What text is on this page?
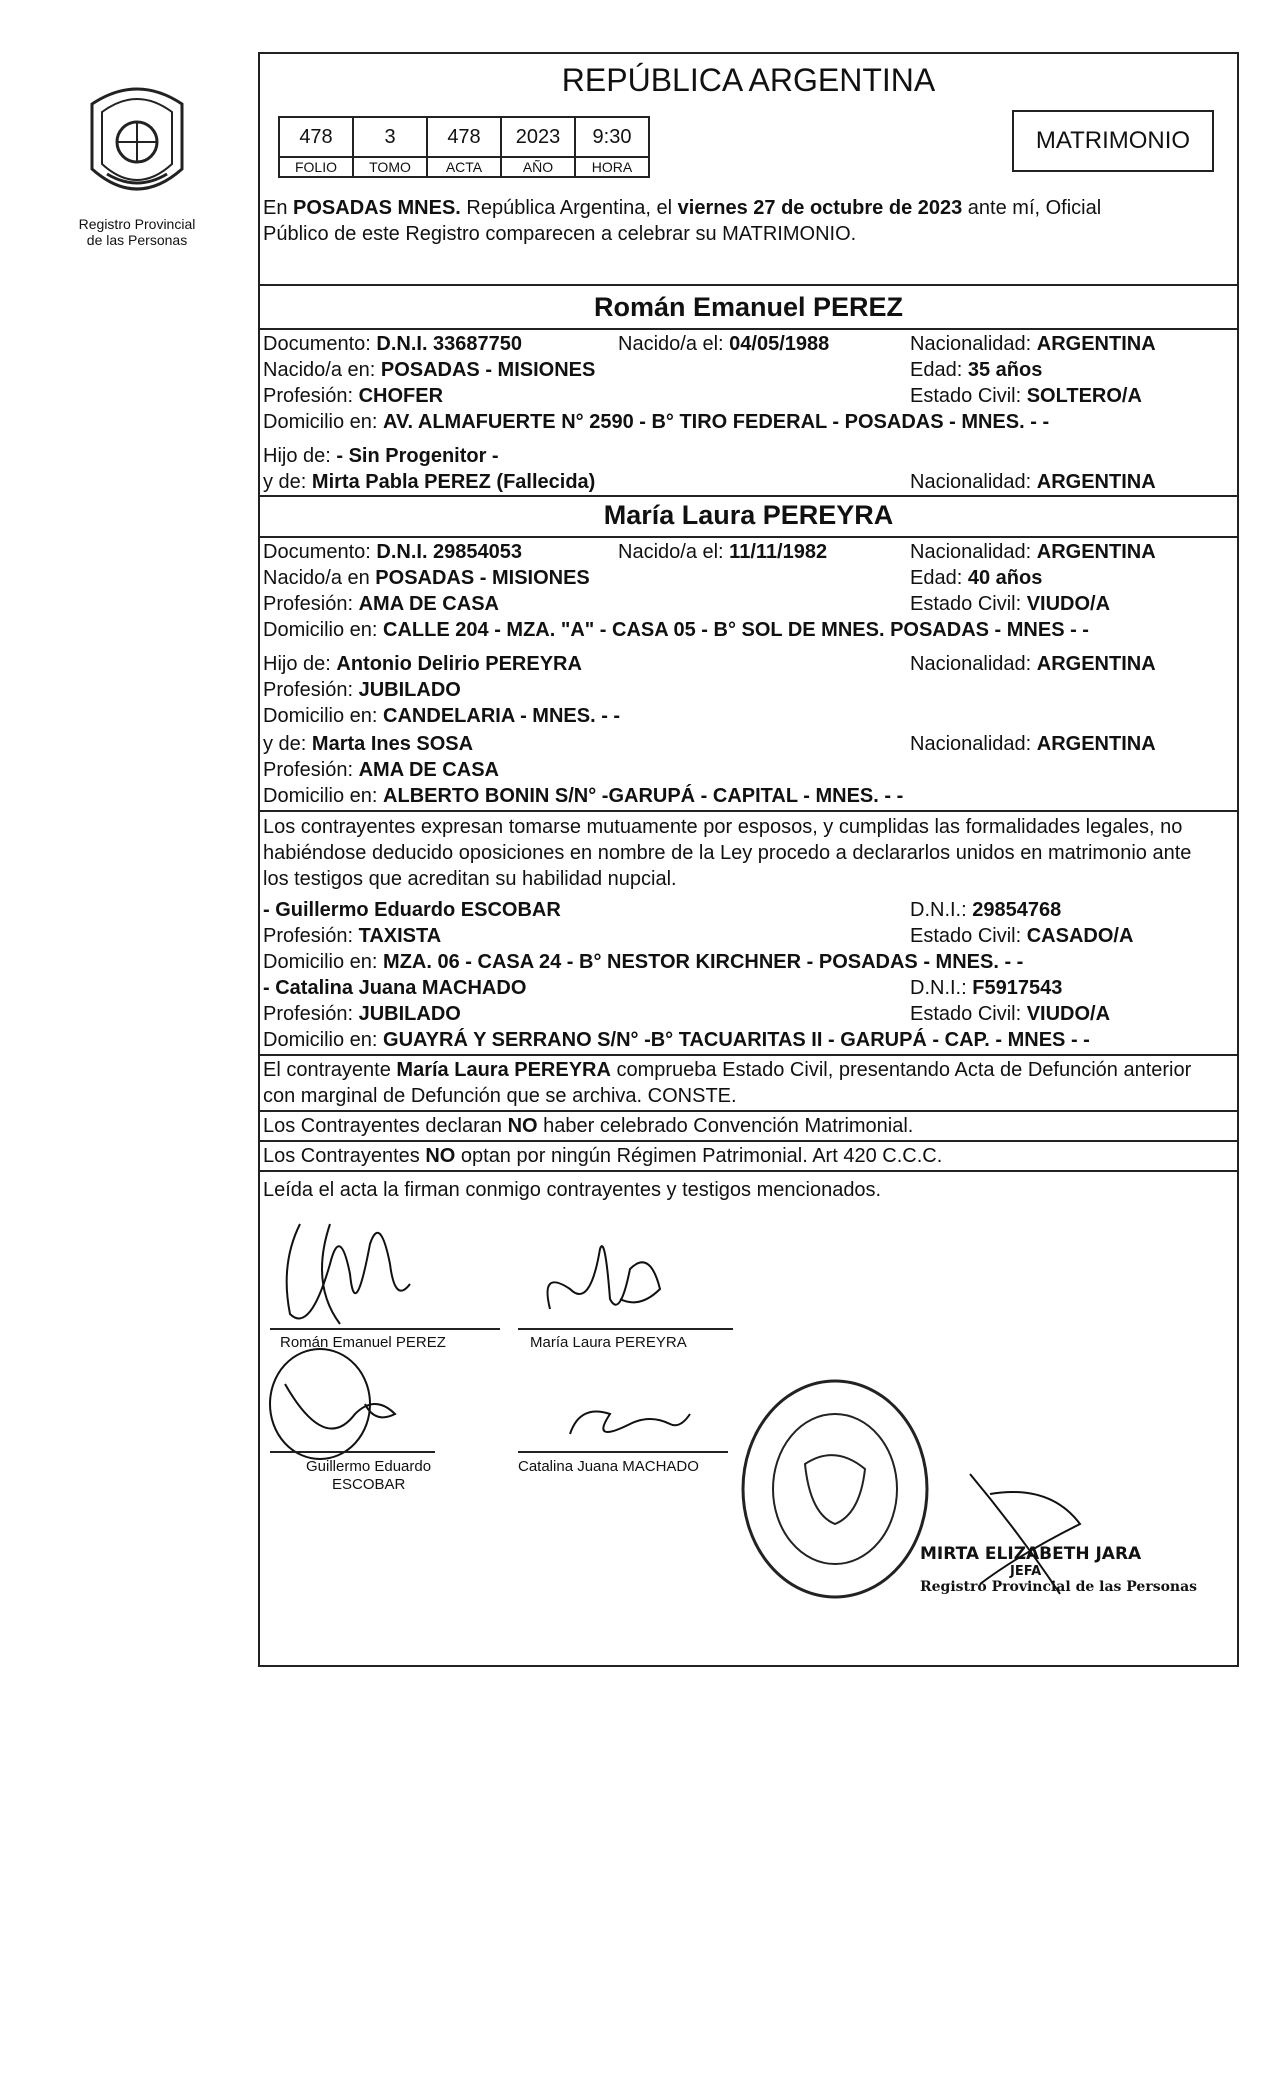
Registro Provincial
de las Personas
REPÚBLICA ARGENTINA
478	3	478	2023	9:30
FOLIO	TOMO	ACTA	AÑO	HORA
MATRIMONIO
En POSADAS MNES. República Argentina, el viernes 27 de octubre de 2023 ante mí, Oficial
Público de este Registro comparecen a celebrar su MATRIMONIO.
Román Emanuel PEREZ
Documento: D.N.I. 33687750	Nacido/a el: 04/05/1988	Nacionalidad: ARGENTINA
Nacido/a en: POSADAS - MISIONES	Edad: 35 años
Profesión: CHOFER	Estado Civil: SOLTERO/A
Domicilio en: AV. ALMAFUERTE N° 2590 - B° TIRO FEDERAL - POSADAS - MNES. - -
Hijo de: - Sin Progenitor -
y de: Mirta Pabla PEREZ (Fallecida)	Nacionalidad: ARGENTINA
María Laura PEREYRA
Documento: D.N.I. 29854053	Nacido/a el: 11/11/1982	Nacionalidad: ARGENTINA
Nacido/a en POSADAS - MISIONES	Edad: 40 años
Profesión: AMA DE CASA	Estado Civil: VIUDO/A
Domicilio en: CALLE 204 - MZA. "A" - CASA 05 - B° SOL DE MNES. POSADAS - MNES - -
Hijo de: Antonio Delirio PEREYRA	Nacionalidad: ARGENTINA
Profesión: JUBILADO
Domicilio en: CANDELARIA - MNES. - -
y de: Marta Ines SOSA	Nacionalidad: ARGENTINA
Profesión: AMA DE CASA
Domicilio en: ALBERTO BONIN S/N° -GARUPÁ - CAPITAL - MNES. - -
Los contrayentes expresan tomarse mutuamente por esposos, y cumplidas las formalidades legales, no
habiéndose deducido oposiciones en nombre de la Ley procedo a declararlos unidos en matrimonio ante
los testigos que acreditan su habilidad nupcial.
- Guillermo Eduardo ESCOBAR	D.N.I.: 29854768
Profesión: TAXISTA	Estado Civil: CASADO/A
Domicilio en: MZA. 06 - CASA 24 - B° NESTOR KIRCHNER - POSADAS - MNES. - -
- Catalina Juana MACHADO	D.N.I.: F5917543
Profesión: JUBILADO	Estado Civil: VIUDO/A
Domicilio en: GUAYRÁ Y SERRANO S/N° -B° TACUARITAS II - GARUPÁ - CAP. - MNES - -
El contrayente María Laura PEREYRA comprueba Estado Civil, presentando Acta de Defunción anterior
con marginal de Defunción que se archiva. CONSTE.
Los Contrayentes declaran NO haber celebrado Convención Matrimonial.
Los Contrayentes NO optan por ningún Régimen Patrimonial. Art 420 C.C.C.
Leída el acta la firman conmigo contrayentes y testigos mencionados.
Román Emanuel PEREZ	María Laura PEREYRA
Guillermo Eduardo
ESCOBAR
Catalina Juana MACHADO
MIRTA ELIZABETH JARA
JEFA
Registro Provincial de las Personas
